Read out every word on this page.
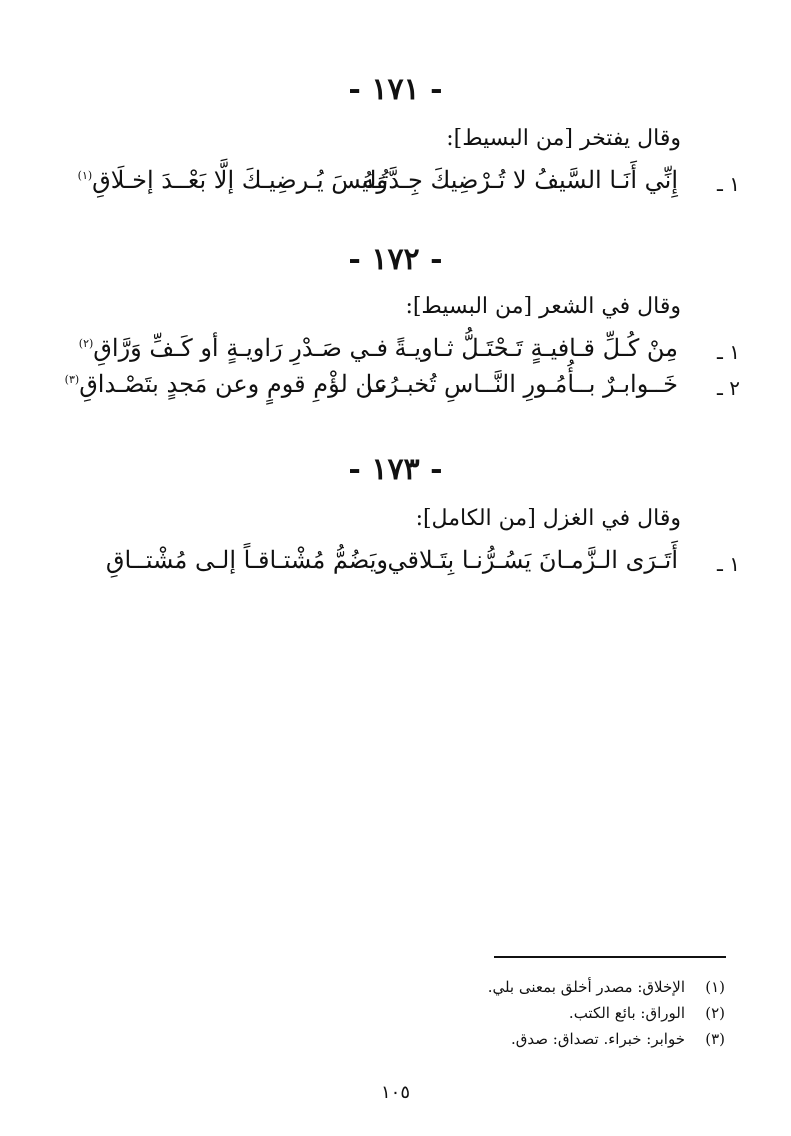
- ١٧١ -
وقال يفتخر [من البسيط]:
١ ـ
إِنِّي أَنَـا السَّيفُ لا تُـرْضِيكَ جِـدَّتُـهُ
وَليسَ يُـرضِيـكَ إلَّا بَعْــدَ إخـلَاقِ$^{(١)}$
- ١٧٢ -
وقال في الشعر [من البسيط]:
١ ـ
مِنْ كُـلِّ قـافيـةٍ تَـحْتَـلُّ ثـاويـةً
فـي صَـدْرِ رَاويـةٍ أو كَـفِّ وَرَّاقِ$^{(٢)}$
٢ ـ
خَــوابـرٌ بــأُمُـورِ النَّــاسِ تُخبـرُنـا
عن لؤْمِ قومٍ وعن مَجدٍ بتَصْـداقِ$^{(٣)}$
- ١٧٣ -
وقال في الغزل [من الكامل]:
١ ـ
أَتَـرَى الـزَّمـانَ يَسُـرُّنـا بِتَـلاقي
ويَضُمُّ مُشْتـاقـاً إلـى مُشْتــاقِ
(١)الإخلاق: مصدر أخلق بمعنى بلي.
(٢)الوراق: بائع الكتب.
(٣)خوابر: خبراء. تصداق: صدق.
١٠٥
